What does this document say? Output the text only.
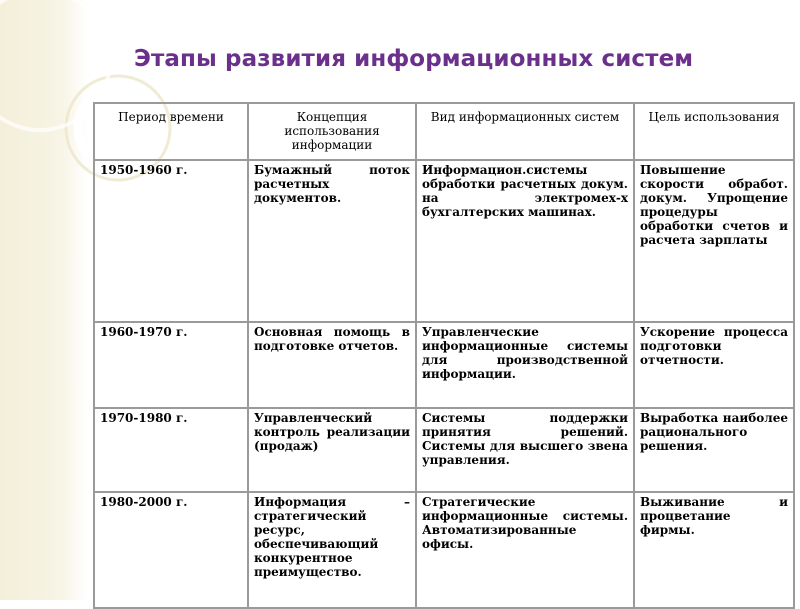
Этапы развития информационных систем
Период времени	Концепция использования информации	Вид информационных систем	Цель использования
1950-1960 г.	Бумажный поток расчетных документов.	Информацион.системы обработки расчетных докум. на электромех-х бухгалтерских машинах.	Повышение скорости обработ. докум. Упрощение процедуры обработки счетов и расчета зарплаты
1960-1970 г.	Основная помощь в подготовке отчетов.	Управленческие информационные системы для производственной информации.	Ускорение процесса подготовки отчетности.
1970-1980 г.	Управленческий контроль реализации (продаж)	Системы поддержки принятия решений. Системы для высшего звена управления.	Выработка наиболее рационального решения.
1980-2000 г.	Информация – стратегический ресурс, обеспечивающий конкурентное преимущество.	Стратегические информационные системы. Автоматизированные офисы.	Выживание и процветание фирмы.
